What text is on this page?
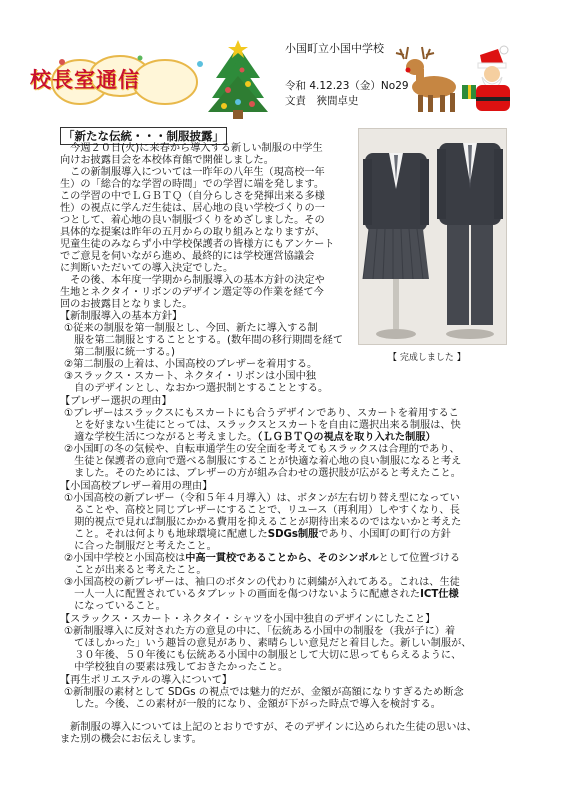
校長室通信
小国町立小国中学校
令和 4.12.23（金）No29
文責　狹間卓史
「新たな伝統・・・制服披露」
　今週２０日(火)に来春から導入する新しい制服の中学生
向けお披露目会を本校体育館で開催しました。
　この新制服導入については一昨年の八年生（現高校一年
生）の「総合的な学習の時間」での学習に端を発します。
この学習の中でＬＧＢＴＱ（自分らしさを発揮出来る多様
性）の視点に学んだ生徒は、居心地の良い学校づくりの一
つとして、着心地の良い制服づくりをめざしました。その
具体的な提案は昨年の五月からの取り組みとなりますが、
児童生徒のみならず小中学校保護者の皆様方にもアンケート
でご意見を伺いながら進め、最終的には学校運営協議会
に判断いただいての導入決定でした。
　その後、本年度一学期から制服導入の基本方針の決定や
生地とネクタイ・リボンのデザイン選定等の作業を経て今
回のお披露目となりました。
【 完成しました 】
【新制服導入の基本方針】
①従来の制服を第一制服とし、今回、新たに導入する制
　服を第二制服とすることとする。(数年間の移行期間を経て
　第二制服に統一する。)
②第二制服の上着は、小国高校のブレザーを着用する。
③スラックス・スカート、ネクタイ・リボンは小国中独
　自のデザインとし、なおかつ選択制とすることとする。
【ブレザー選択の理由】
①ブレザーはスラックスにもスカートにも合うデザインであり、スカートを着用するこ
　とを好まない生徒にとっては、スラックスとスカートを自由に選択出来る制服は、快
　適な学校生活につながると考えました。（ＬＧＢＴＱの視点を取り入れた制服）
②小国町の冬の気候や、自転車通学生の安全面を考えてもスラックスは合理的であり、
　生徒と保護者の意向で選べる制服にすることが快適な着心地の良い制服になると考え
　ました。そのためには、ブレザーの方が組み合わせの選択肢が広がると考えたこと。
【小国高校ブレザー着用の理由】
①小国高校の新ブレザー（令和５年４月導入）は、ボタンが左右切り替え型になってい
　ることや、高校と同じブレザーにすることで、リユース（再利用）しやすくなり、長
　期的視点で見れば制服にかかる費用を抑えることが期待出来るのではないかと考えた
　こと。それは何よりも地球環境に配慮したSDGs制服であり、小国町の町行の方針
　に合った制服だと考えたこと。
②小国中学校と小国高校は中高一貫校であることから、そのシンボルとして位置づける
　ことが出来ると考えたこと。
③小国高校の新ブレザーは、袖口のボタンの代わりに刺繍が入れてある。これは、生徒
　一人一人に配置されているタブレットの画面を傷つけないように配慮されたICT仕様
　になっていること。
【スラックス・スカート・ネクタイ・シャツを小国中独自のデザインにしたこと】
①新制服導入に反対された方の意見の中に、「伝統ある小国中の制服を（我が子に）着
　てほしかった」いう趣旨の意見があり、素晴らしい意見だと着目した。新しい制服が、
　３０年後、５０年後にも伝統ある小国中の制服として大切に思ってもらえるように、
　中学校独自の要素は残しておきたかったこと。
【再生ポリエステルの導入について】
①新制服の素材として SDGs の視点では魅力的だが、金額が高額になりすぎるため断念
　した。今後、この素材が一般的になり、金額が下がった時点で導入を検討する。
　新制服の導入については上記のとおりですが、そのデザインに込められた生徒の思いは、
また別の機会にお伝えします。
